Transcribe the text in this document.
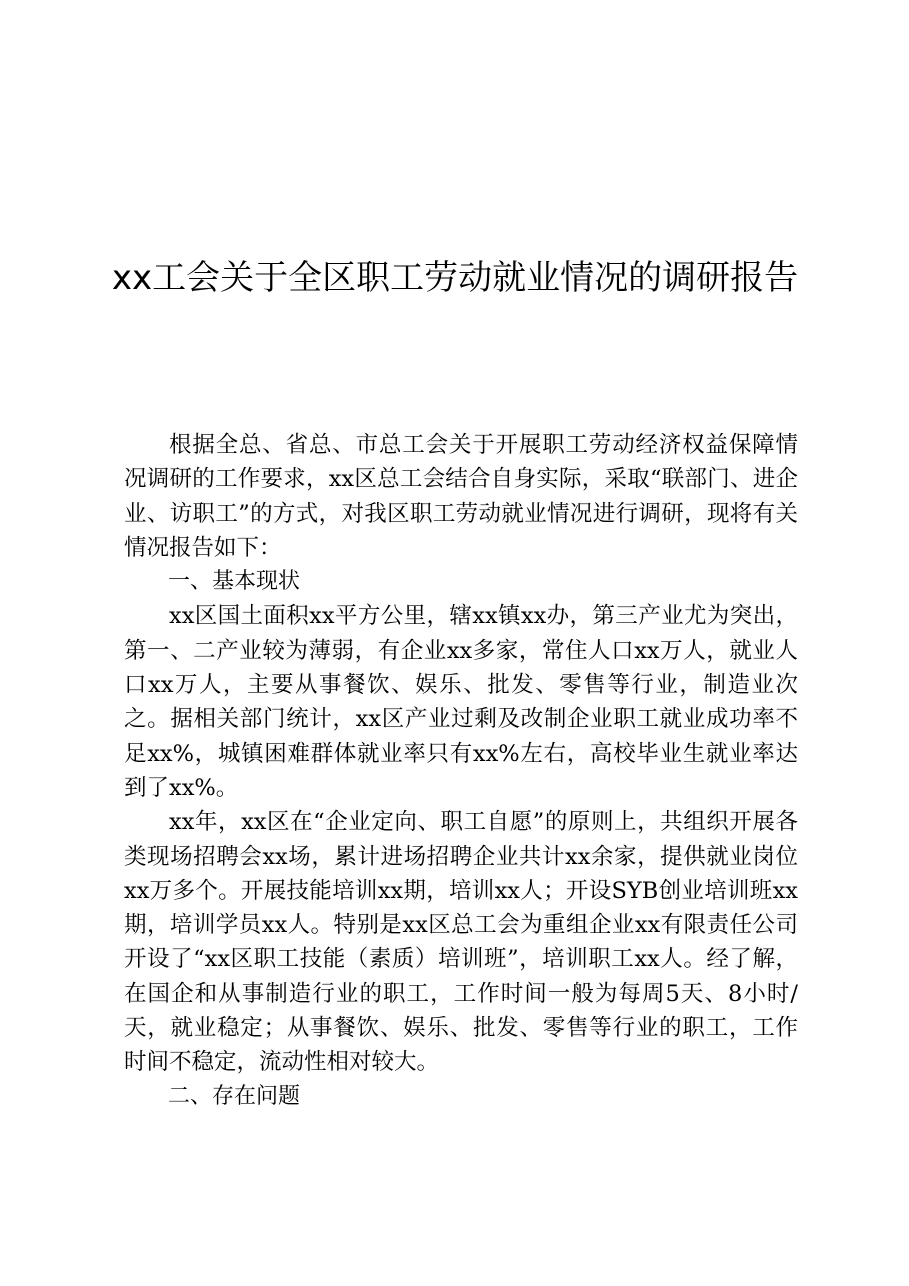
xx工会关于全区职工劳动就业情况的调研报告

根据全总、省总、市总工会关于开展职工劳动经济权益保障情况调研的工作要求，xx区总工会结合自身实际，采取“联部门、进企业、访职工”的方式，对我区职工劳动就业情况进行调研，现将有关情况报告如下：

一、基本现状

xx区国土面积xx平方公里，辖xx镇xx办，第三产业尤为突出，第一、二产业较为薄弱，有企业xx多家，常住人口xx万人，就业人口xx万人，主要从事餐饮、娱乐、批发、零售等行业，制造业次之。据相关部门统计，xx区产业过剩及改制企业职工就业成功率不足xx%，城镇困难群体就业率只有xx%左右，高校毕业生就业率达到了xx%。

xx年，xx区在“企业定向、职工自愿”的原则上，共组织开展各类现场招聘会xx场，累计进场招聘企业共计xx余家，提供就业岗位xx万多个。开展技能培训xx期，培训xx人；开设SYB创业培训班xx期，培训学员xx人。特别是xx区总工会为重组企业xx有限责任公司开设了“xx区职工技能（素质）培训班”，培训职工xx人。经了解，在国企和从事制造行业的职工，工作时间一般为每周5天、8小时/天，就业稳定；从事餐饮、娱乐、批发、零售等行业的职工，工作时间不稳定，流动性相对较大。

二、存在问题
